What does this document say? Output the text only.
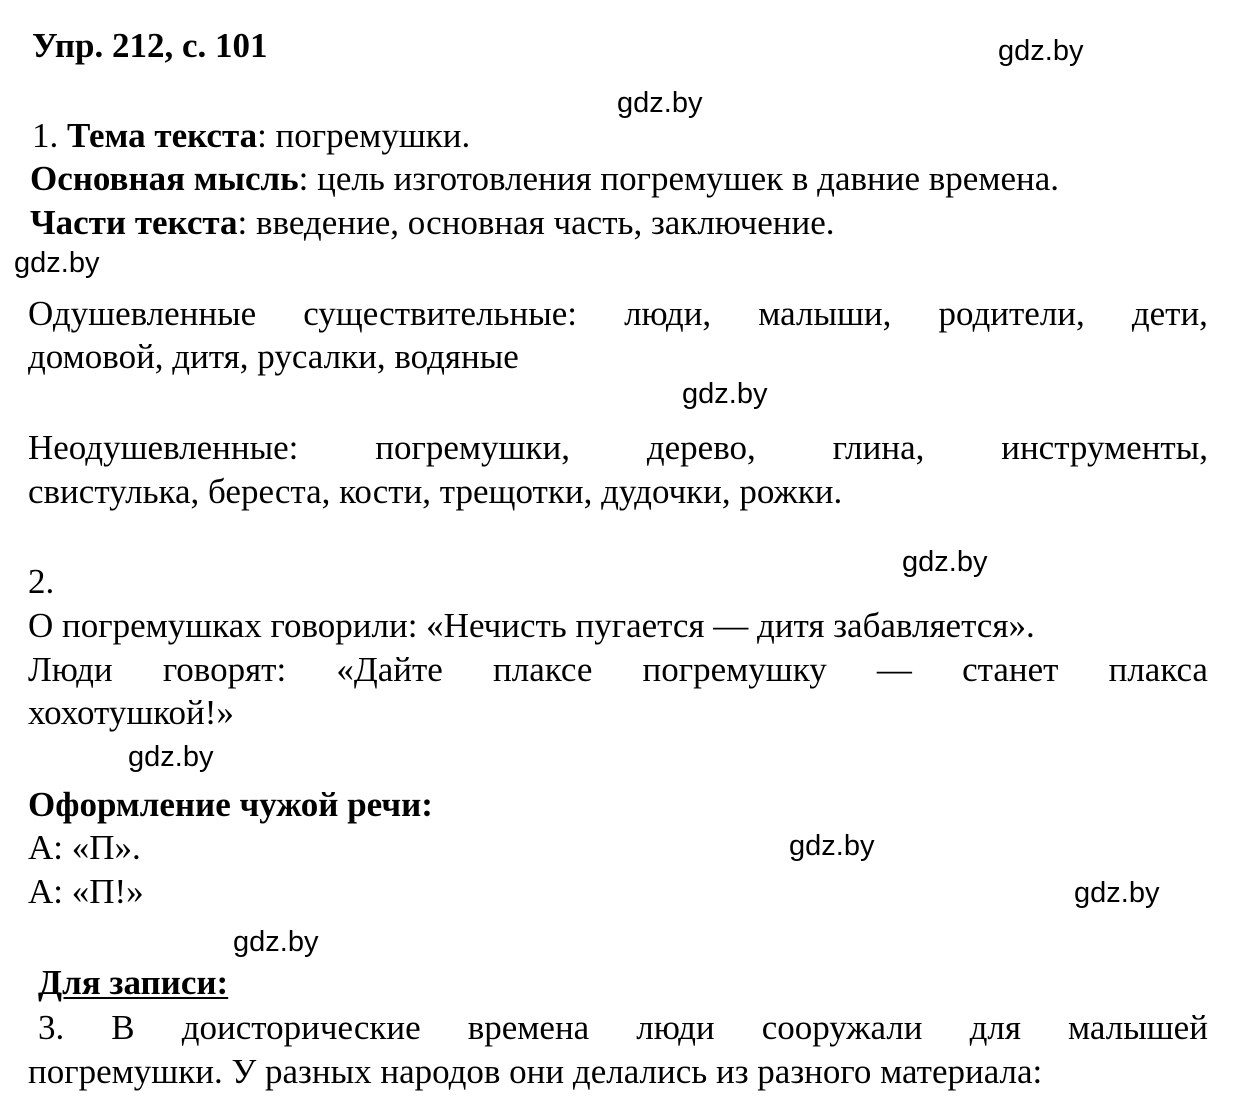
Упр. 212, с. 101	gdz.by
gdz.by
gdz.by
gdz.by
gdz.by
gdz.by
gdz.by
gdz.by
gdz.by
1. Тема текста: погремушки.
Основная мысль: цель изготовления погремушек в давние времена.
Части текста: введение, основная часть, заключение.
Одушевленные существительные: люди, малыши, родители, дети,
домовой, дитя, русалки, водяные
Неодушевленные: погремушки, дерево, глина, инструменты,
свистулька, береста, кости, трещотки, дудочки, рожки.
2.
О погремушках говорили: «Нечисть пугается — дитя забавляется».
Люди говорят: «Дайте плаксе погремушку — станет плакса
хохотушкой!»
Оформление чужой речи:
А: «П».
А: «П!»
Для записи:
3. В доисторические времена люди сооружали для малышей
погремушки. У разных народов они делались из разного материала:
